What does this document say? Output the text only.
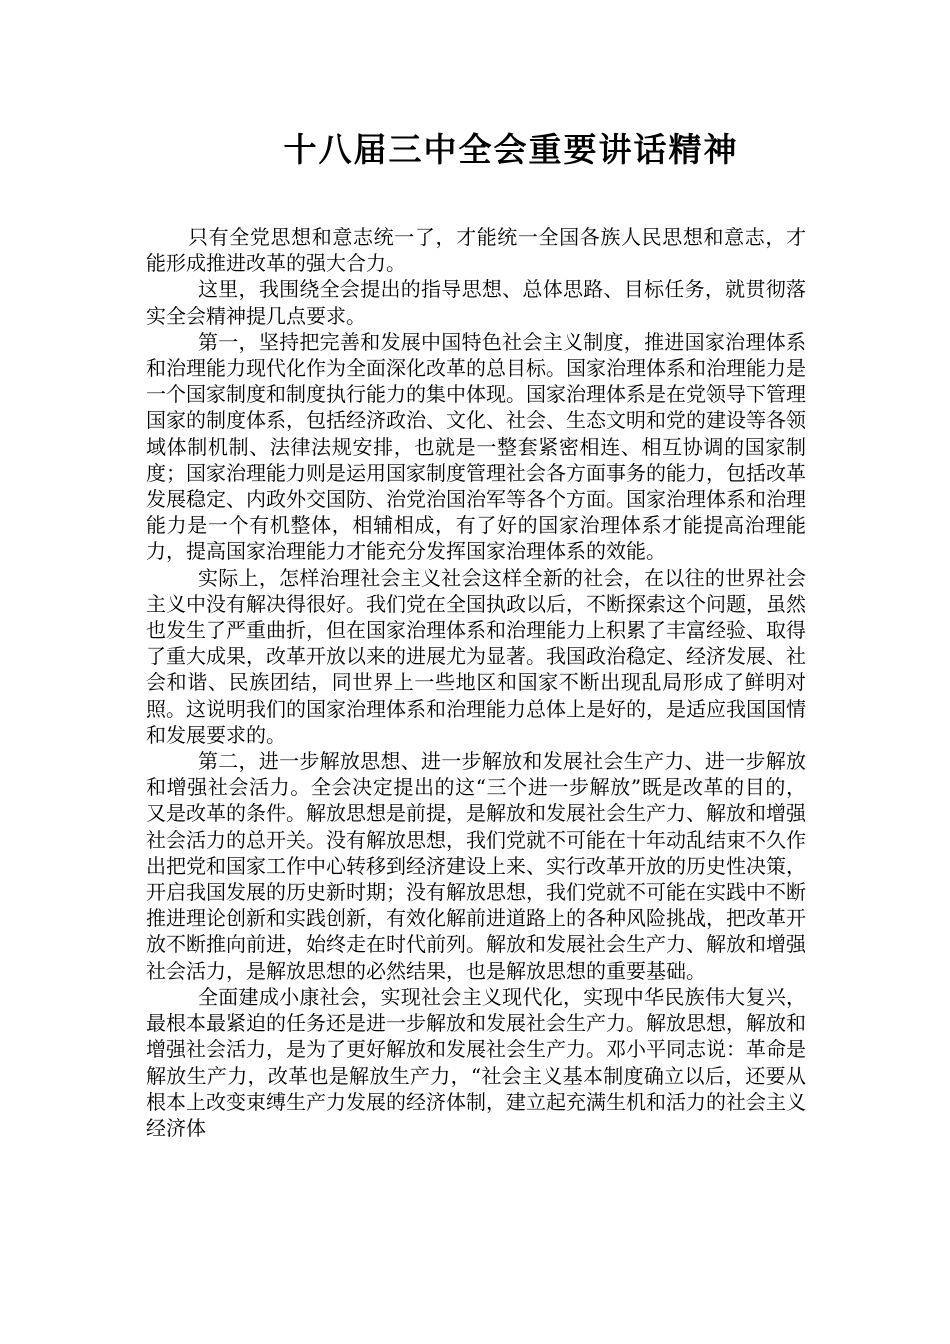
十八届三中全会重要讲话精神

只有全党思想和意志统一了，才能统一全国各族人民思想和意志，才能形成推进改革的强大合力。

这里，我围绕全会提出的指导思想、总体思路、目标任务，就贯彻落实全会精神提几点要求。

第一，坚持把完善和发展中国特色社会主义制度，推进国家治理体系和治理能力现代化作为全面深化改革的总目标。国家治理体系和治理能力是一个国家制度和制度执行能力的集中体现。国家治理体系是在党领导下管理国家的制度体系，包括经济政治、文化、社会、生态文明和党的建设等各领域体制机制、法律法规安排，也就是一整套紧密相连、相互协调的国家制度；国家治理能力则是运用国家制度管理社会各方面事务的能力，包括改革发展稳定、内政外交国防、治党治国治军等各个方面。国家治理体系和治理能力是一个有机整体，相辅相成，有了好的国家治理体系才能提高治理能力，提高国家治理能力才能充分发挥国家治理体系的效能。

实际上，怎样治理社会主义社会这样全新的社会，在以往的世界社会主义中没有解决得很好。我们党在全国执政以后，不断探索这个问题，虽然也发生了严重曲折，但在国家治理体系和治理能力上积累了丰富经验、取得了重大成果，改革开放以来的进展尤为显著。我国政治稳定、经济发展、社会和谐、民族团结，同世界上一些地区和国家不断出现乱局形成了鲜明对照。这说明我们的国家治理体系和治理能力总体上是好的，是适应我国国情和发展要求的。

第二，进一步解放思想、进一步解放和发展社会生产力、进一步解放和增强社会活力。全会决定提出的这“三个进一步解放”既是改革的目的，又是改革的条件。解放思想是前提，是解放和发展社会生产力、解放和增强社会活力的总开关。没有解放思想，我们党就不可能在十年动乱结束不久作出把党和国家工作中心转移到经济建设上来、实行改革开放的历史性决策，开启我国发展的历史新时期；没有解放思想，我们党就不可能在实践中不断推进理论创新和实践创新，有效化解前进道路上的各种风险挑战，把改革开放不断推向前进，始终走在时代前列。解放和发展社会生产力、解放和增强社会活力，是解放思想的必然结果，也是解放思想的重要基础。

全面建成小康社会，实现社会主义现代化，实现中华民族伟大复兴，最根本最紧迫的任务还是进一步解放和发展社会生产力。解放思想，解放和增强社会活力，是为了更好解放和发展社会生产力。邓小平同志说：革命是解放生产力，改革也是解放生产力，“社会主义基本制度确立以后，还要从根本上改变束缚生产力发展的经济体制，建立起充满生机和活力的社会主义经济体
